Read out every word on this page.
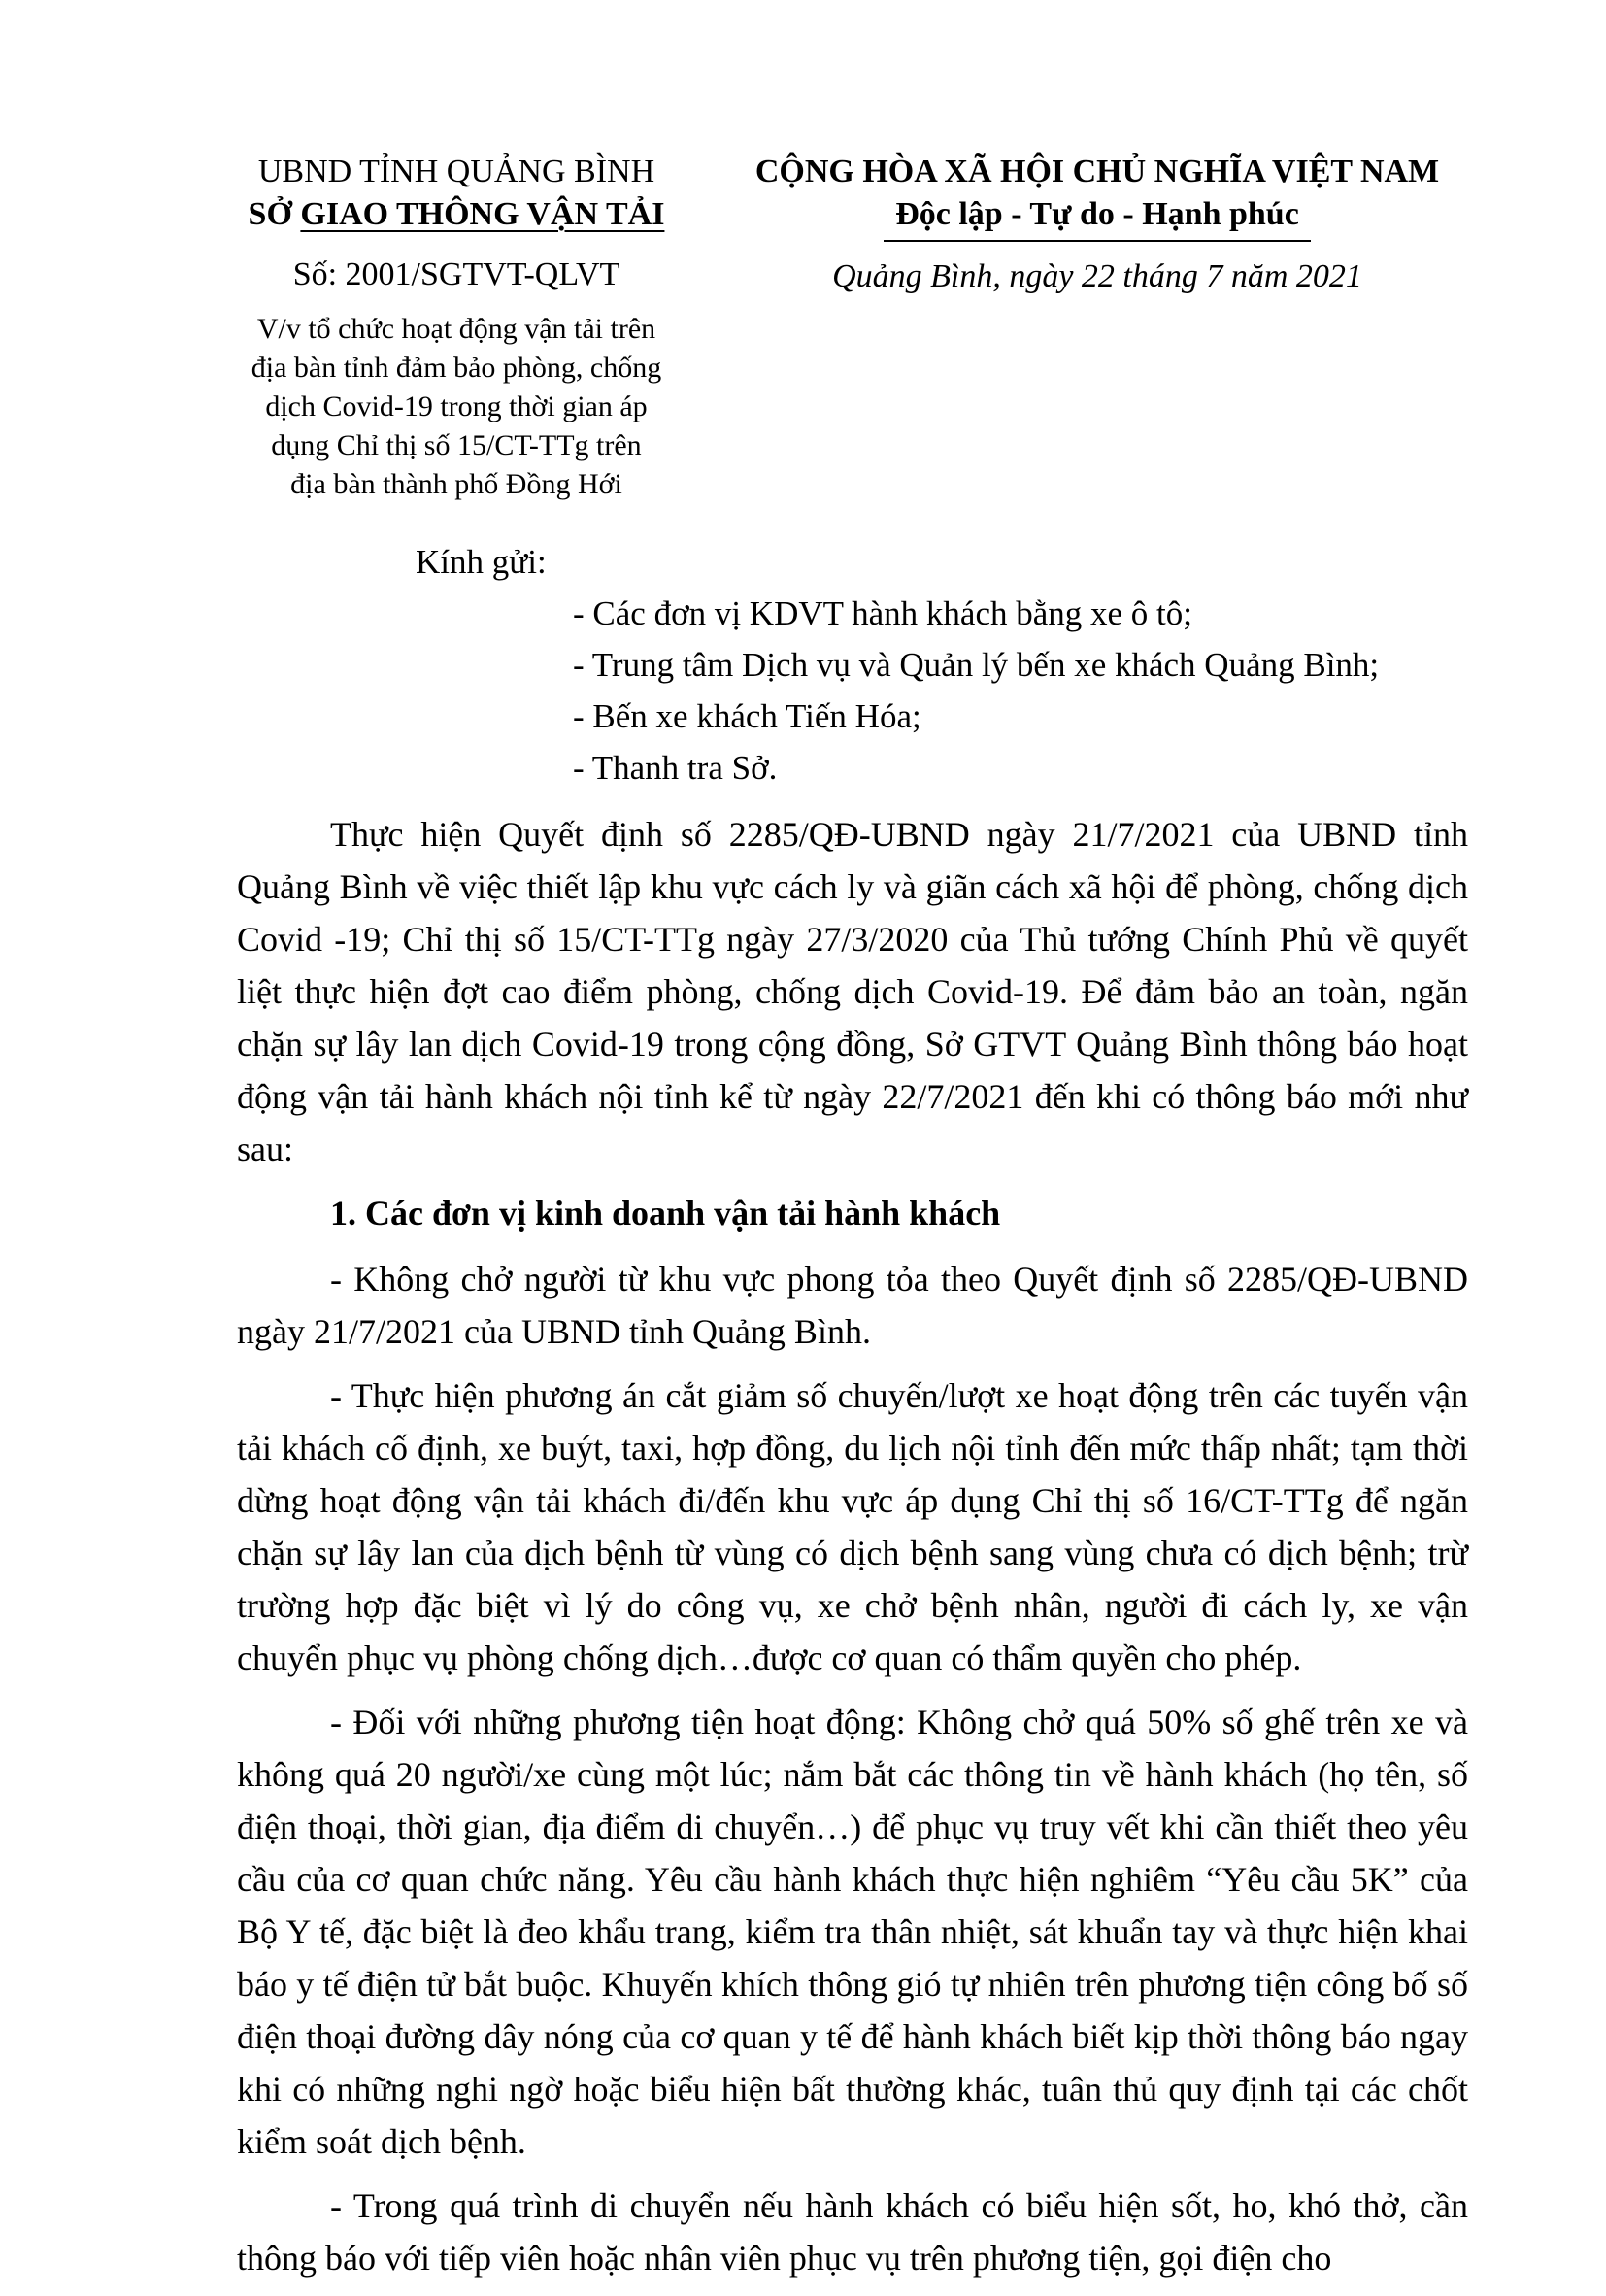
UBND TỈNH QUẢNG BÌNH
SỞ GIAO THÔNG VẬN TẢI
Số: 2001/SGTVT-QLVT
V/v tổ chức hoạt động vận tải trên
địa bàn tỉnh đảm bảo phòng, chống
dịch Covid-19 trong thời gian áp
dụng Chỉ thị số 15/CT-TTg trên
địa bàn thành phố Đồng Hới
CỘNG HÒA XÃ HỘI CHỦ NGHĨA VIỆT NAM
Độc lập - Tự do - Hạnh phúc
Quảng Bình, ngày 22 tháng 7 năm 2021
Kính gửi:
- Các đơn vị KDVT hành khách bằng xe ô tô;
- Trung tâm Dịch vụ và Quản lý bến xe khách Quảng Bình;
- Bến xe khách Tiến Hóa;
- Thanh tra Sở.

Thực hiện Quyết định số 2285/QĐ-UBND ngày 21/7/2021 của UBND tỉnh Quảng Bình về việc thiết lập khu vực cách ly và giãn cách xã hội để phòng, chống dịch Covid -19; Chỉ thị số 15/CT-TTg ngày 27/3/2020 của Thủ tướng Chính Phủ về quyết liệt thực hiện đợt cao điểm phòng, chống dịch Covid-19. Để đảm bảo an toàn, ngăn chặn sự lây lan dịch Covid-19 trong cộng đồng, Sở GTVT Quảng Bình thông báo hoạt động vận tải hành khách nội tỉnh kể từ ngày 22/7/2021 đến khi có thông báo mới như sau:

1. Các đơn vị kinh doanh vận tải hành khách

- Không chở người từ khu vực phong tỏa theo Quyết định số 2285/QĐ-UBND ngày 21/7/2021 của UBND tỉnh Quảng Bình.

- Thực hiện phương án cắt giảm số chuyến/lượt xe hoạt động trên các tuyến vận tải khách cố định, xe buýt, taxi, hợp đồng, du lịch nội tỉnh đến mức thấp nhất; tạm thời dừng hoạt động vận tải khách đi/đến khu vực áp dụng Chỉ thị số 16/CT-TTg để ngăn chặn sự lây lan của dịch bệnh từ vùng có dịch bệnh sang vùng chưa có dịch bệnh; trừ trường hợp đặc biệt vì lý do công vụ, xe chở bệnh nhân, người đi cách ly, xe vận chuyển phục vụ phòng chống dịch…được cơ quan có thẩm quyền cho phép.

- Đối với những phương tiện hoạt động: Không chở quá 50% số ghế trên xe và không quá 20 người/xe cùng một lúc; nắm bắt các thông tin về hành khách (họ tên, số điện thoại, thời gian, địa điểm di chuyển…) để phục vụ truy vết khi cần thiết theo yêu cầu của cơ quan chức năng. Yêu cầu hành khách thực hiện nghiêm “Yêu cầu 5K” của Bộ Y tế, đặc biệt là đeo khẩu trang, kiểm tra thân nhiệt, sát khuẩn tay và thực hiện khai báo y tế điện tử bắt buộc. Khuyến khích thông gió tự nhiên trên phương tiện công bố số điện thoại đường dây nóng của cơ quan y tế để hành khách biết kịp thời thông báo ngay khi có những nghi ngờ hoặc biểu hiện bất thường khác, tuân thủ quy định tại các chốt kiểm soát dịch bệnh.

- Trong quá trình di chuyển nếu hành khách có biểu hiện sốt, ho, khó thở, cần thông báo với tiếp viên hoặc nhân viên phục vụ trên phương tiện, gọi điện cho
